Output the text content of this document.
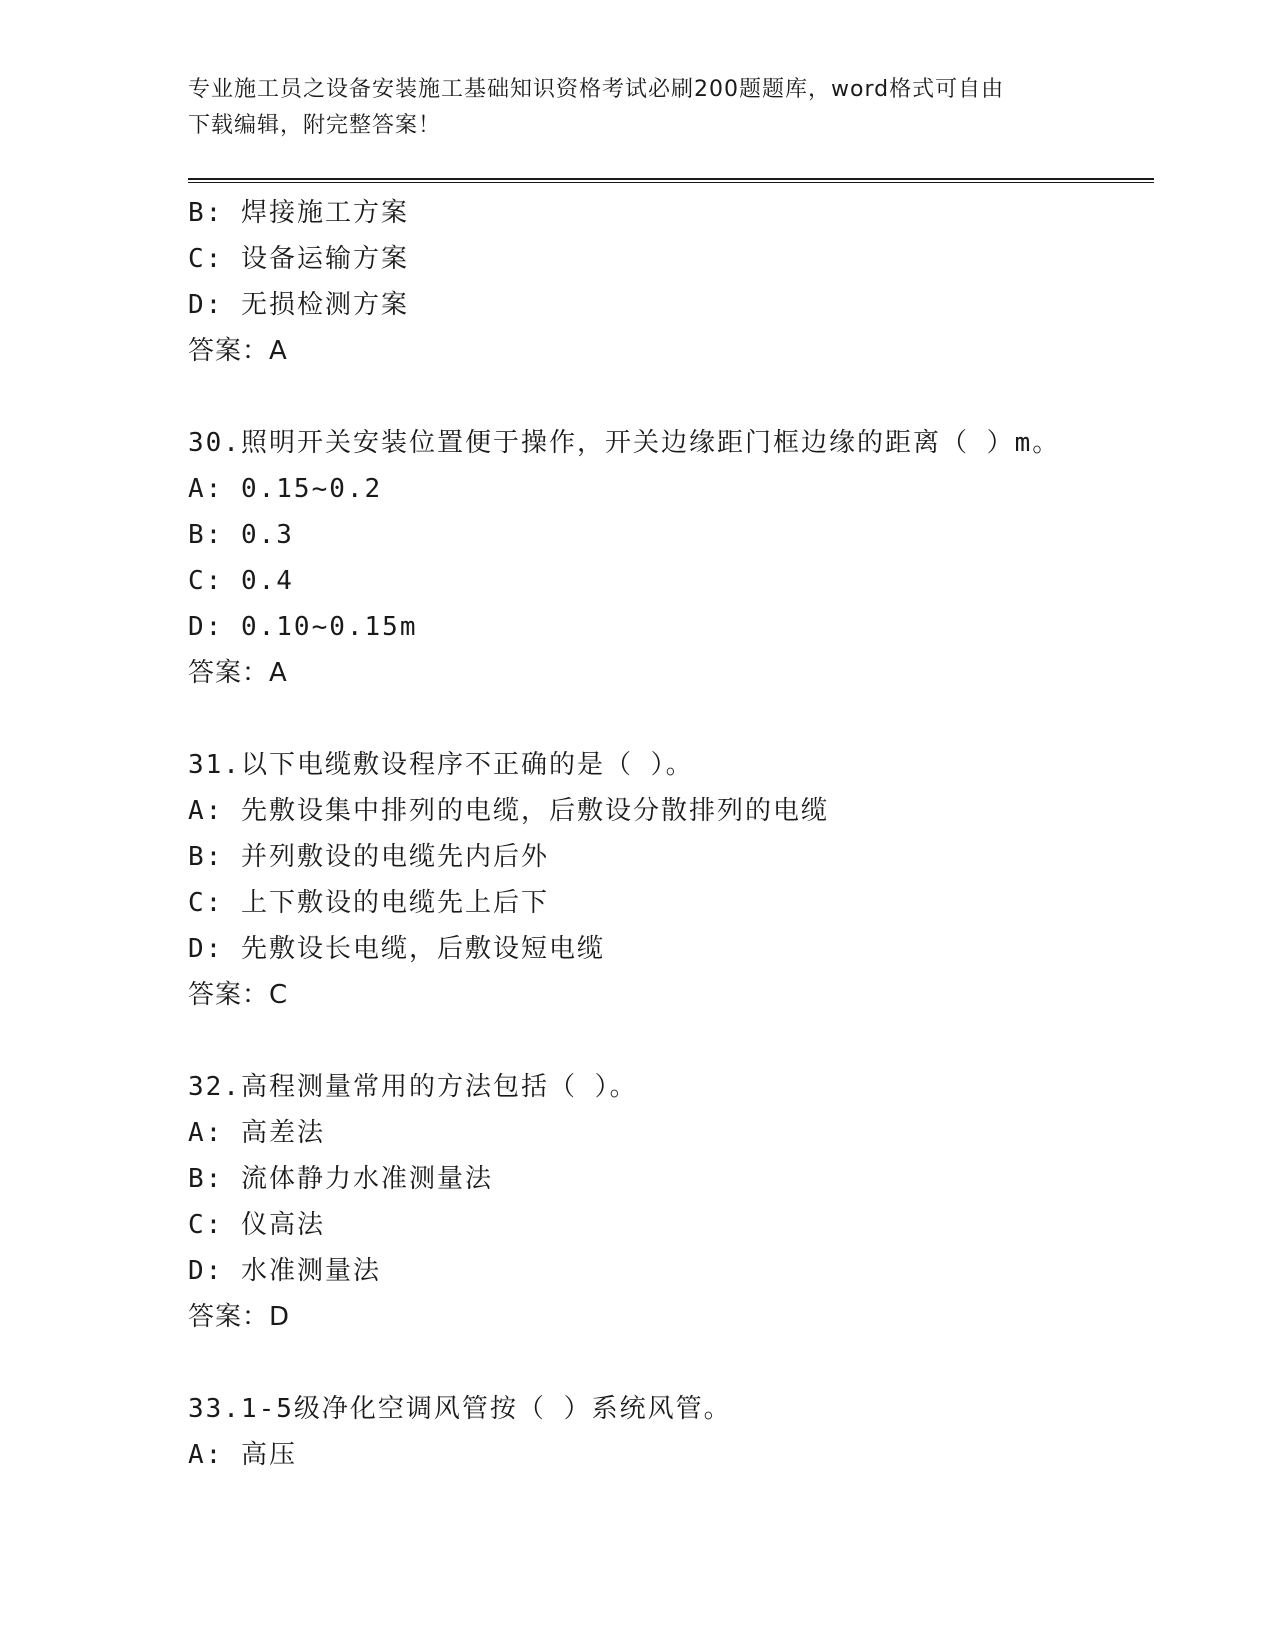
专业施工员之设备安装施工基础知识资格考试必刷200题题库，word格式可自由
下载编辑，附完整答案！
B: 焊接施工方案
C: 设备运输方案
D: 无损检测方案
答案：A
30.照明开关安装位置便于操作，开关边缘距门框边缘的距离（ ）m。
A: 0.15~0.2
B: 0.3
C: 0.4
D: 0.10~0.15m
答案：A
31.以下电缆敷设程序不正确的是（ ）。
A: 先敷设集中排列的电缆，后敷设分散排列的电缆
B: 并列敷设的电缆先内后外
C: 上下敷设的电缆先上后下
D: 先敷设长电缆，后敷设短电缆
答案：C
32.高程测量常用的方法包括（ ）。
A: 高差法
B: 流体静力水准测量法
C: 仪高法
D: 水准测量法
答案：D
33.1-5级净化空调风管按（ ）系统风管。
A: 高压
